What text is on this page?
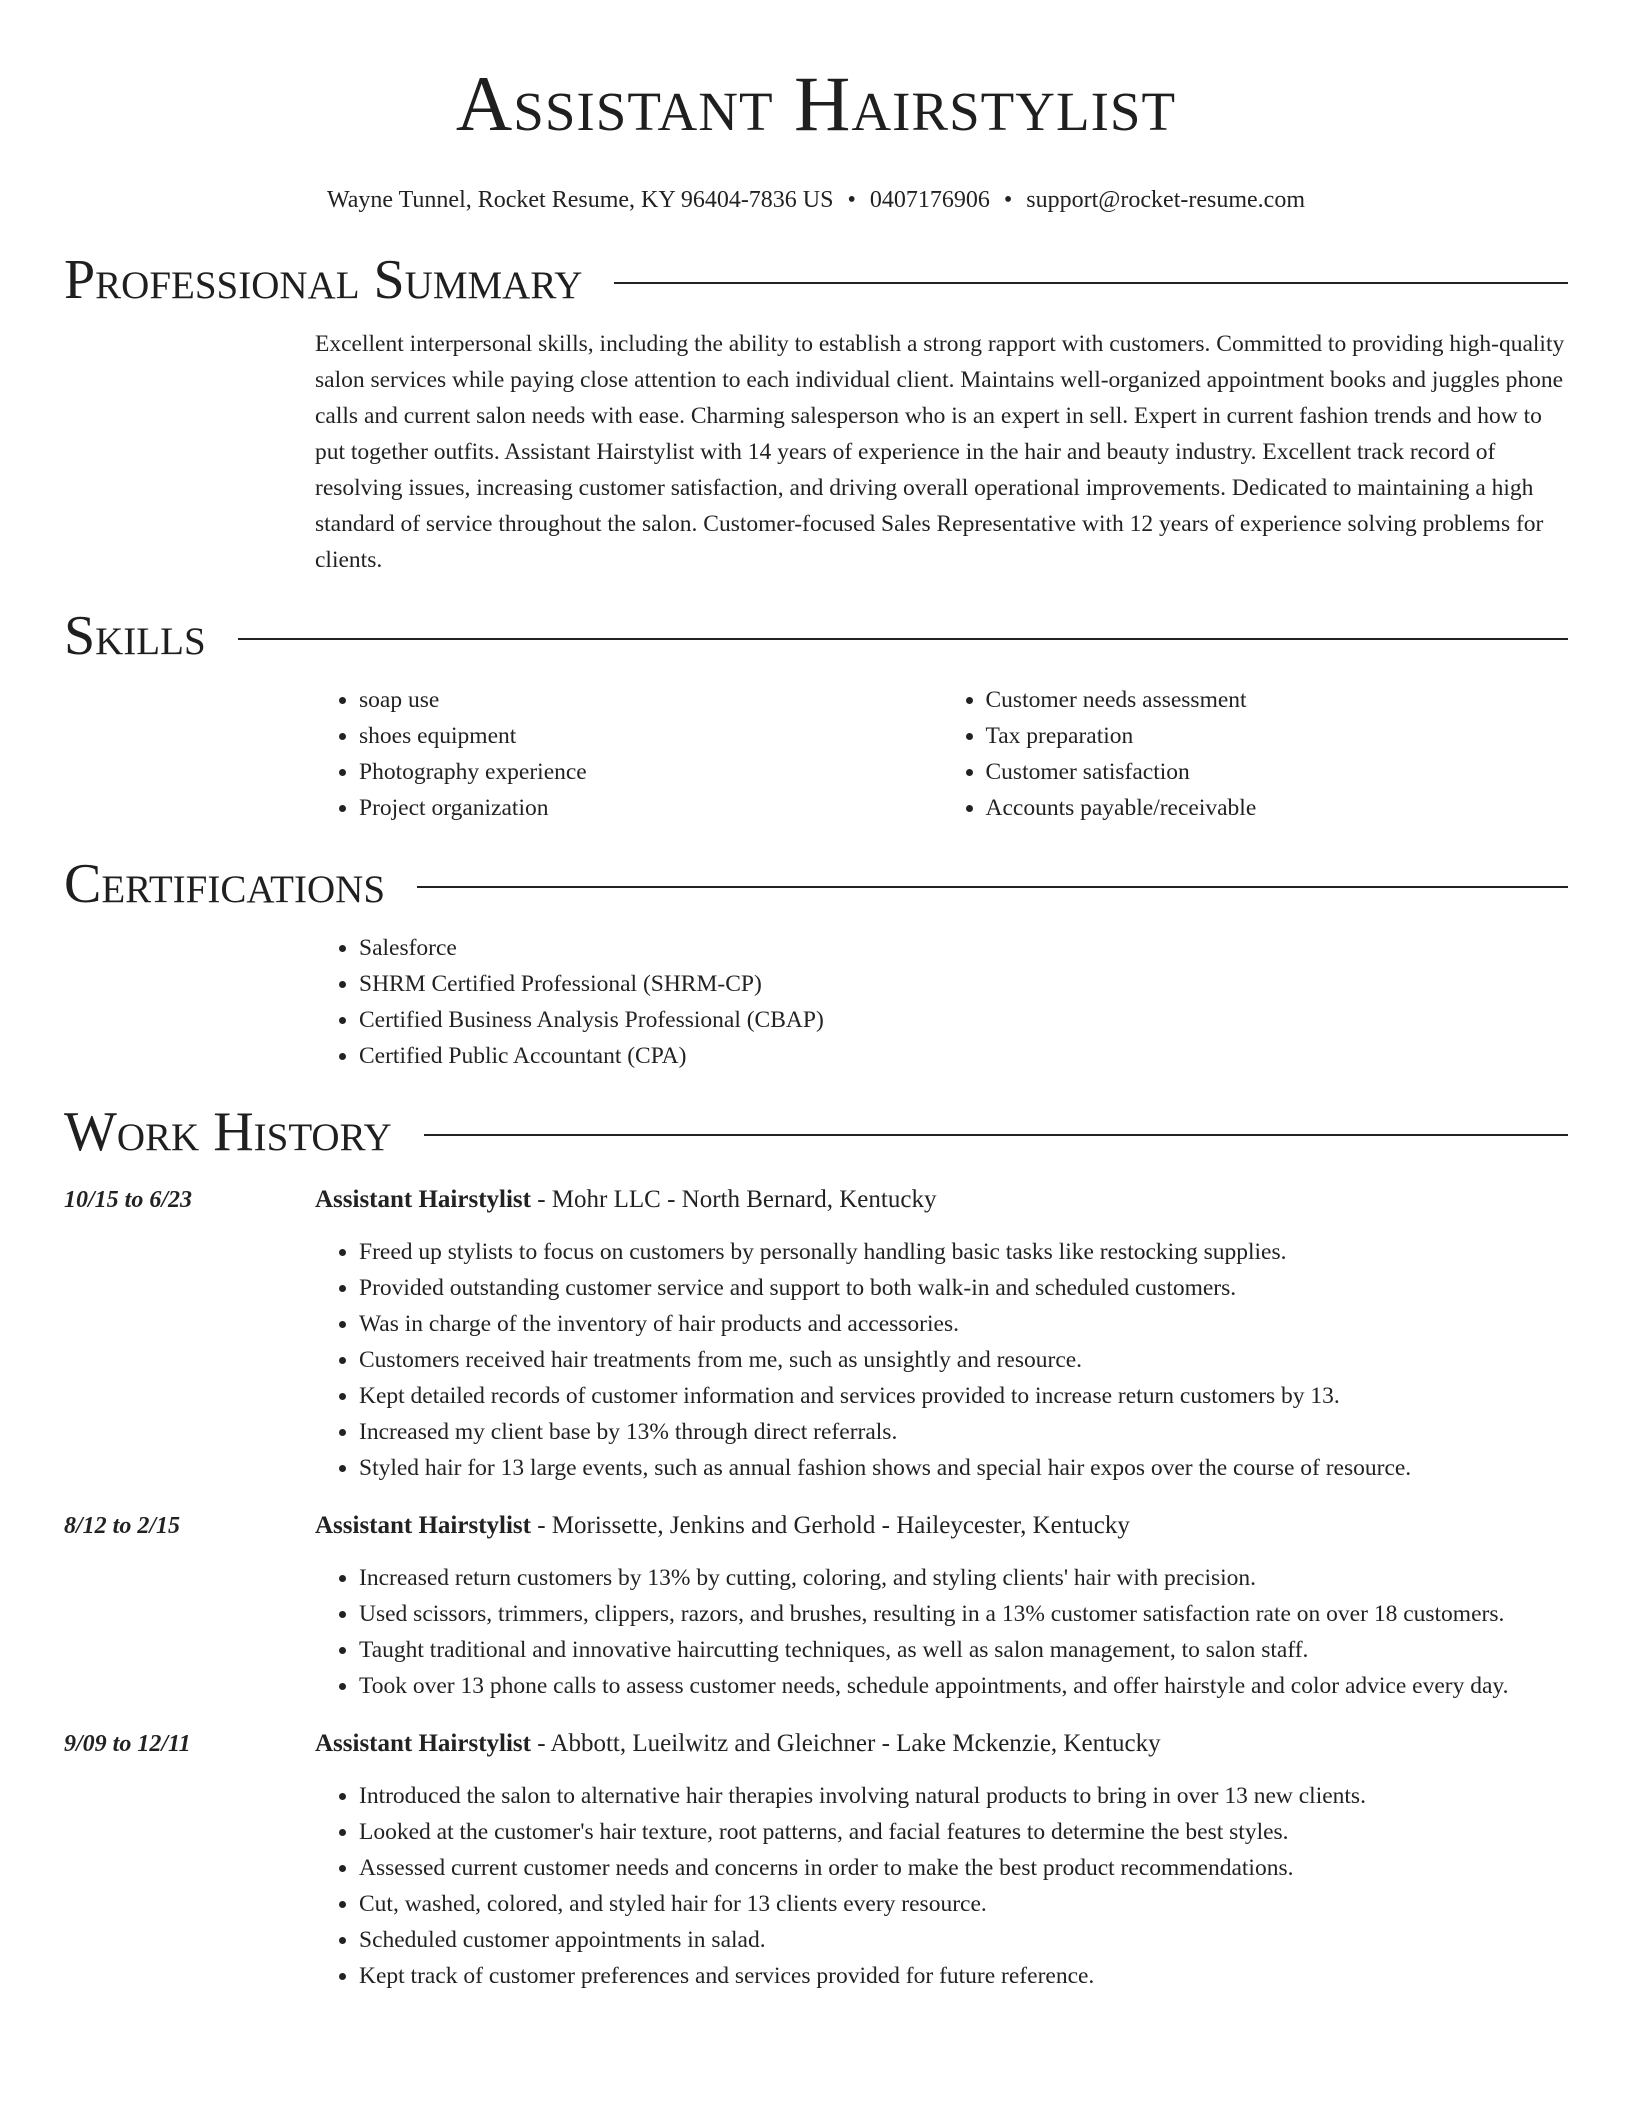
Assistant Hairstylist
Wayne Tunnel, Rocket Resume, KY 96404-7836 US • 0407176906 • support@rocket-resume.com
Professional Summary
Excellent interpersonal skills, including the ability to establish a strong rapport with customers. Committed to providing high-quality salon services while paying close attention to each individual client. Maintains well-organized appointment books and juggles phone calls and current salon needs with ease. Charming salesperson who is an expert in sell. Expert in current fashion trends and how to put together outfits. Assistant Hairstylist with 14 years of experience in the hair and beauty industry. Excellent track record of resolving issues, increasing customer satisfaction, and driving overall operational improvements. Dedicated to maintaining a high standard of service throughout the salon. Customer-focused Sales Representative with 12 years of experience solving problems for clients.
Skills
• soap use
• shoes equipment
• Photography experience
• Project organization
• Customer needs assessment
• Tax preparation
• Customer satisfaction
• Accounts payable/receivable
Certifications
• Salesforce
• SHRM Certified Professional (SHRM-CP)
• Certified Business Analysis Professional (CBAP)
• Certified Public Accountant (CPA)
Work History
10/15 to 6/23	Assistant Hairstylist - Mohr LLC - North Bernard, Kentucky
• Freed up stylists to focus on customers by personally handling basic tasks like restocking supplies.
• Provided outstanding customer service and support to both walk-in and scheduled customers.
• Was in charge of the inventory of hair products and accessories.
• Customers received hair treatments from me, such as unsightly and resource.
• Kept detailed records of customer information and services provided to increase return customers by 13.
• Increased my client base by 13% through direct referrals.
• Styled hair for 13 large events, such as annual fashion shows and special hair expos over the course of resource.
8/12 to 2/15	Assistant Hairstylist - Morissette, Jenkins and Gerhold - Haileycester, Kentucky
• Increased return customers by 13% by cutting, coloring, and styling clients' hair with precision.
• Used scissors, trimmers, clippers, razors, and brushes, resulting in a 13% customer satisfaction rate on over 18 customers.
• Taught traditional and innovative haircutting techniques, as well as salon management, to salon staff.
• Took over 13 phone calls to assess customer needs, schedule appointments, and offer hairstyle and color advice every day.
9/09 to 12/11	Assistant Hairstylist - Abbott, Lueilwitz and Gleichner - Lake Mckenzie, Kentucky
• Introduced the salon to alternative hair therapies involving natural products to bring in over 13 new clients.
• Looked at the customer's hair texture, root patterns, and facial features to determine the best styles.
• Assessed current customer needs and concerns in order to make the best product recommendations.
• Cut, washed, colored, and styled hair for 13 clients every resource.
• Scheduled customer appointments in salad.
• Kept track of customer preferences and services provided for future reference.
